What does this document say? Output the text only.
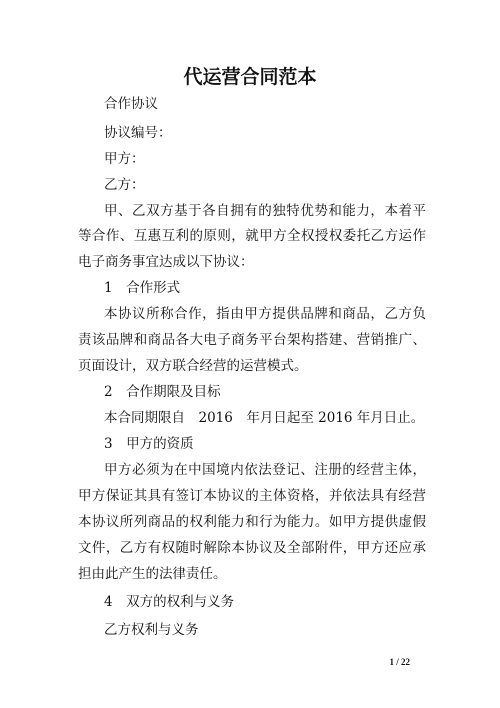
代运营合同范本
合作协议
协议编号：
甲方：
乙方：
甲、乙双方基于各自拥有的独特优势和能力，本着平
等合作、互惠互利的原则，就甲方全权授权委托乙方运作
电子商务事宜达成以下协议：
1　合作形式
本协议所称合作，指由甲方提供品牌和商品，乙方负
责该品牌和商品各大电子商务平台架构搭建、营销推广、
页面设计，双方联合经营的运营模式。
2　合作期限及目标
本合同期限自　2016　年月日起至 2016 年月日止。
3　甲方的资质
甲方必须为在中国境内依法登记、注册的经营主体，
甲方保证其具有签订本协议的主体资格，并依法具有经营
本协议所列商品的权利能力和行为能力。如甲方提供虚假
文件，乙方有权随时解除本协议及全部附件，甲方还应承
担由此产生的法律责任。
4　双方的权利与义务
乙方权利与义务
1 / 22
